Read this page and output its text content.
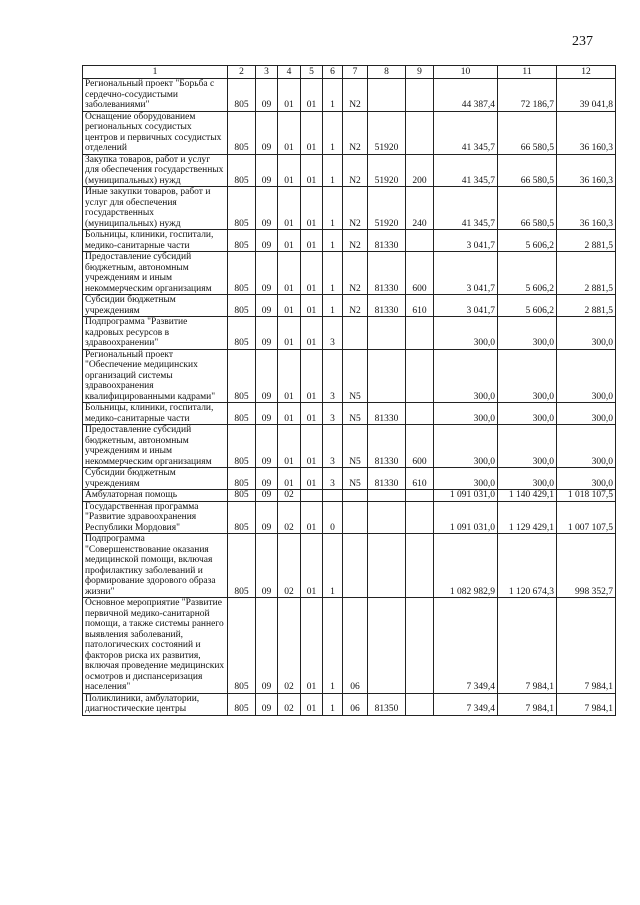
237
1	2	3	4	5	6	7	8	9	10	11	12
Региональный проект "Борьба с сердечно-сосудистыми заболеваниями"	805	09	01	01	1	N2			44 387,4	72 186,7	39 041,8
Оснащение оборудованием региональных сосудистых центров и первичных сосудистых отделений	805	09	01	01	1	N2	51920		41 345,7	66 580,5	36 160,3
Закупка товаров, работ и услуг для обеспечения государственных (муниципальных) нужд	805	09	01	01	1	N2	51920	200	41 345,7	66 580,5	36 160,3
Иные закупки товаров, работ и услуг для обеспечения государственных (муниципальных) нужд	805	09	01	01	1	N2	51920	240	41 345,7	66 580,5	36 160,3
Больницы, клиники, госпитали, медико-санитарные части	805	09	01	01	1	N2	81330		3 041,7	5 606,2	2 881,5
Предоставление субсидий бюджетным, автономным учреждениям и иным некоммерческим организациям	805	09	01	01	1	N2	81330	600	3 041,7	5 606,2	2 881,5
Субсидии бюджетным учреждениям	805	09	01	01	1	N2	81330	610	3 041,7	5 606,2	2 881,5
Подпрограмма "Развитие кадровых ресурсов в здравоохранении"	805	09	01	01	3				300,0	300,0	300,0
Региональный проект "Обеспечение медицинских организаций системы здравоохранения квалифицированными кадрами"	805	09	01	01	3	N5			300,0	300,0	300,0
Больницы, клиники, госпитали, медико-санитарные части	805	09	01	01	3	N5	81330		300,0	300,0	300,0
Предоставление субсидий бюджетным, автономным учреждениям и иным некоммерческим организациям	805	09	01	01	3	N5	81330	600	300,0	300,0	300,0
Субсидии бюджетным учреждениям	805	09	01	01	3	N5	81330	610	300,0	300,0	300,0
Амбулаторная помощь	805	09	02						1 091 031,0	1 140 429,1	1 018 107,5
Государственная программа "Развитие здравоохранения Республики Мордовия"	805	09	02	01	0				1 091 031,0	1 129 429,1	1 007 107,5
Подпрограмма "Совершенствование оказания медицинской помощи, включая профилактику заболеваний и формирование здорового образа жизни"	805	09	02	01	1				1 082 982,9	1 120 674,3	998 352,7
Основное мероприятие "Развитие первичной медико-санитарной помощи, а также системы раннего выявления заболеваний, патологических состояний и факторов риска их развития, включая проведение медицинских осмотров и диспансеризация населения"	805	09	02	01	1	06			7 349,4	7 984,1	7 984,1
Поликлиники, амбулатории, диагностические центры	805	09	02	01	1	06	81350		7 349,4	7 984,1	7 984,1
